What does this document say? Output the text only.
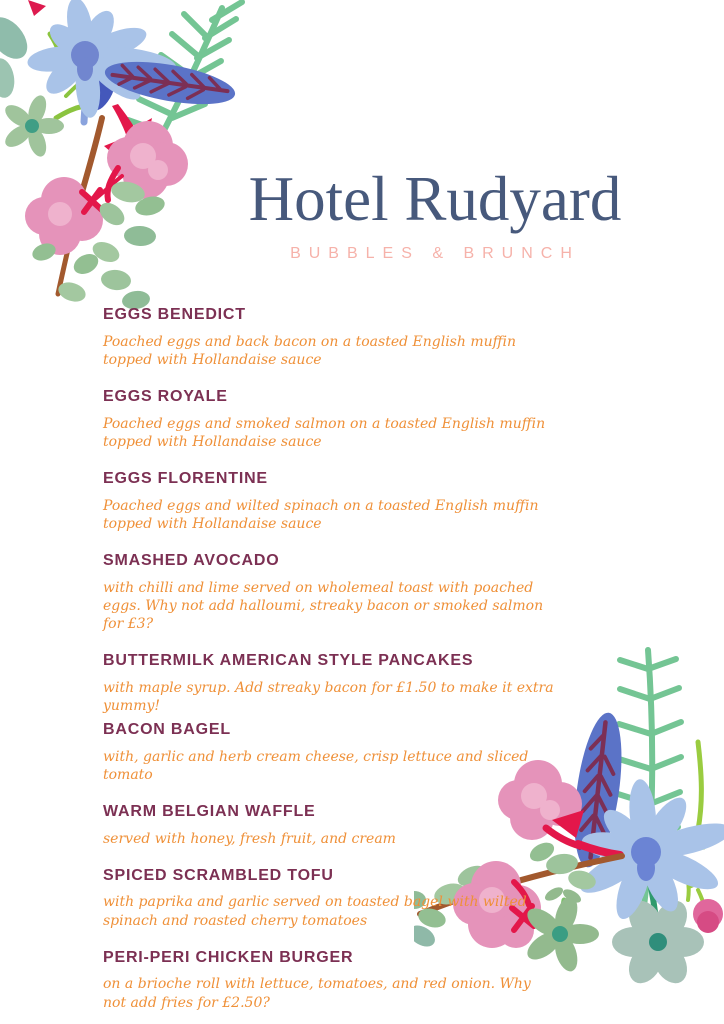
Hotel Rudyard
BUBBLES & BRUNCH
EGGS BENEDICT

Poached eggs and back bacon on a toasted English muffin topped with Hollandaise sauce

EGGS ROYALE

Poached eggs and smoked salmon on a toasted English muffin topped with Hollandaise sauce

EGGS FLORENTINE

Poached eggs and wilted spinach on a toasted English muffin topped with Hollandaise sauce

SMASHED AVOCADO

with chilli and lime served on wholemeal toast with poached eggs. Why not add halloumi, streaky bacon or smoked salmon for £3?

BUTTERMILK AMERICAN STYLE PANCAKES

with maple syrup. Add streaky bacon for £1.50 to make it extra yummy!

BACON BAGEL

with, garlic and herb cream cheese, crisp lettuce and sliced tomato

WARM BELGIAN WAFFLE

served with honey, fresh fruit, and cream

SPICED SCRAMBLED TOFU

with paprika and garlic served on toasted bagel with wilted spinach and roasted cherry tomatoes

PERI-PERI CHICKEN BURGER

on a brioche roll with lettuce, tomatoes, and red onion. Why not add fries for £2.50?
